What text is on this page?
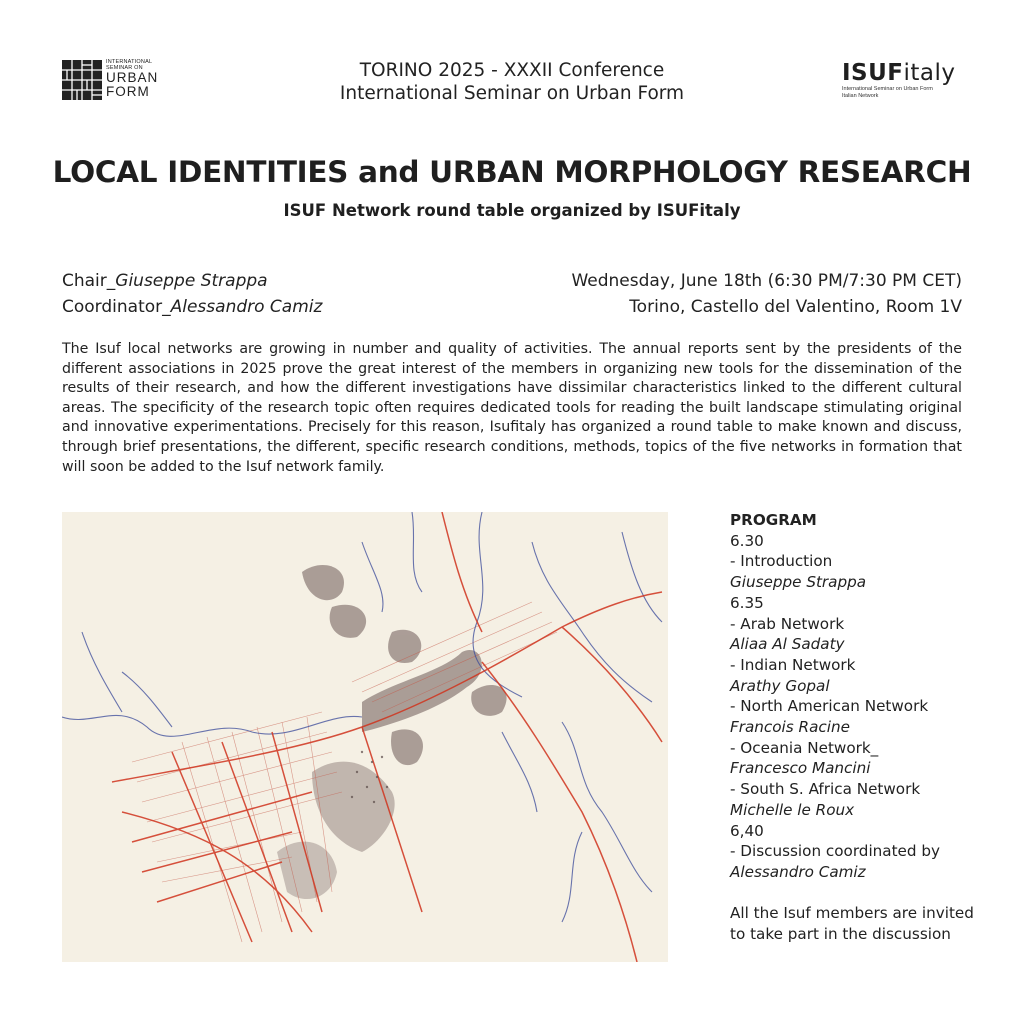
INTERNATIONAL
SEMINAR ON
URBAN
FORM
TORINO 2025 - XXXII Conference
International Seminar on Urban Form
ISUFitaly
International Seminar on Urban Form
Italian Network
LOCAL IDENTITIES and URBAN MORPHOLOGY RESEARCH
ISUF Network round table organized by ISUFitaly
Chair_Giuseppe Strappa
Coordinator_Alessandro Camiz
Wednesday, June 18th (6:30 PM/7:30 PM CET)
Torino, Castello del Valentino, Room 1V
The Isuf local networks are growing in number and quality of activities. The annual reports sent by the presidents of the different associations in 2025 prove the great interest of the members in organizing new tools for the dissemination of the results of their research, and how the different investigations have dissimilar characteristics linked to the different cultural areas. The specificity of the research topic often requires dedicated tools for reading the built landscape stimulating original and innovative experimentations. Precisely for this reason, Isufitaly has organized a round table to make known and discuss, through brief presentations, the different, specific research conditions, methods, topics of the five networks in formation that will soon be added to the Isuf network family.
PROGRAM
6.30
- Introduction
Giuseppe Strappa
6.35
- Arab Network
Aliaa Al Sadaty
- Indian Network
Arathy Gopal
- North American Network
Francois Racine
- Oceania Network_
Francesco Mancini
- South S. Africa Network
Michelle le Roux
6,40
- Discussion coordinated by
Alessandro Camiz
All the Isuf members are invited to take part in the discussion
